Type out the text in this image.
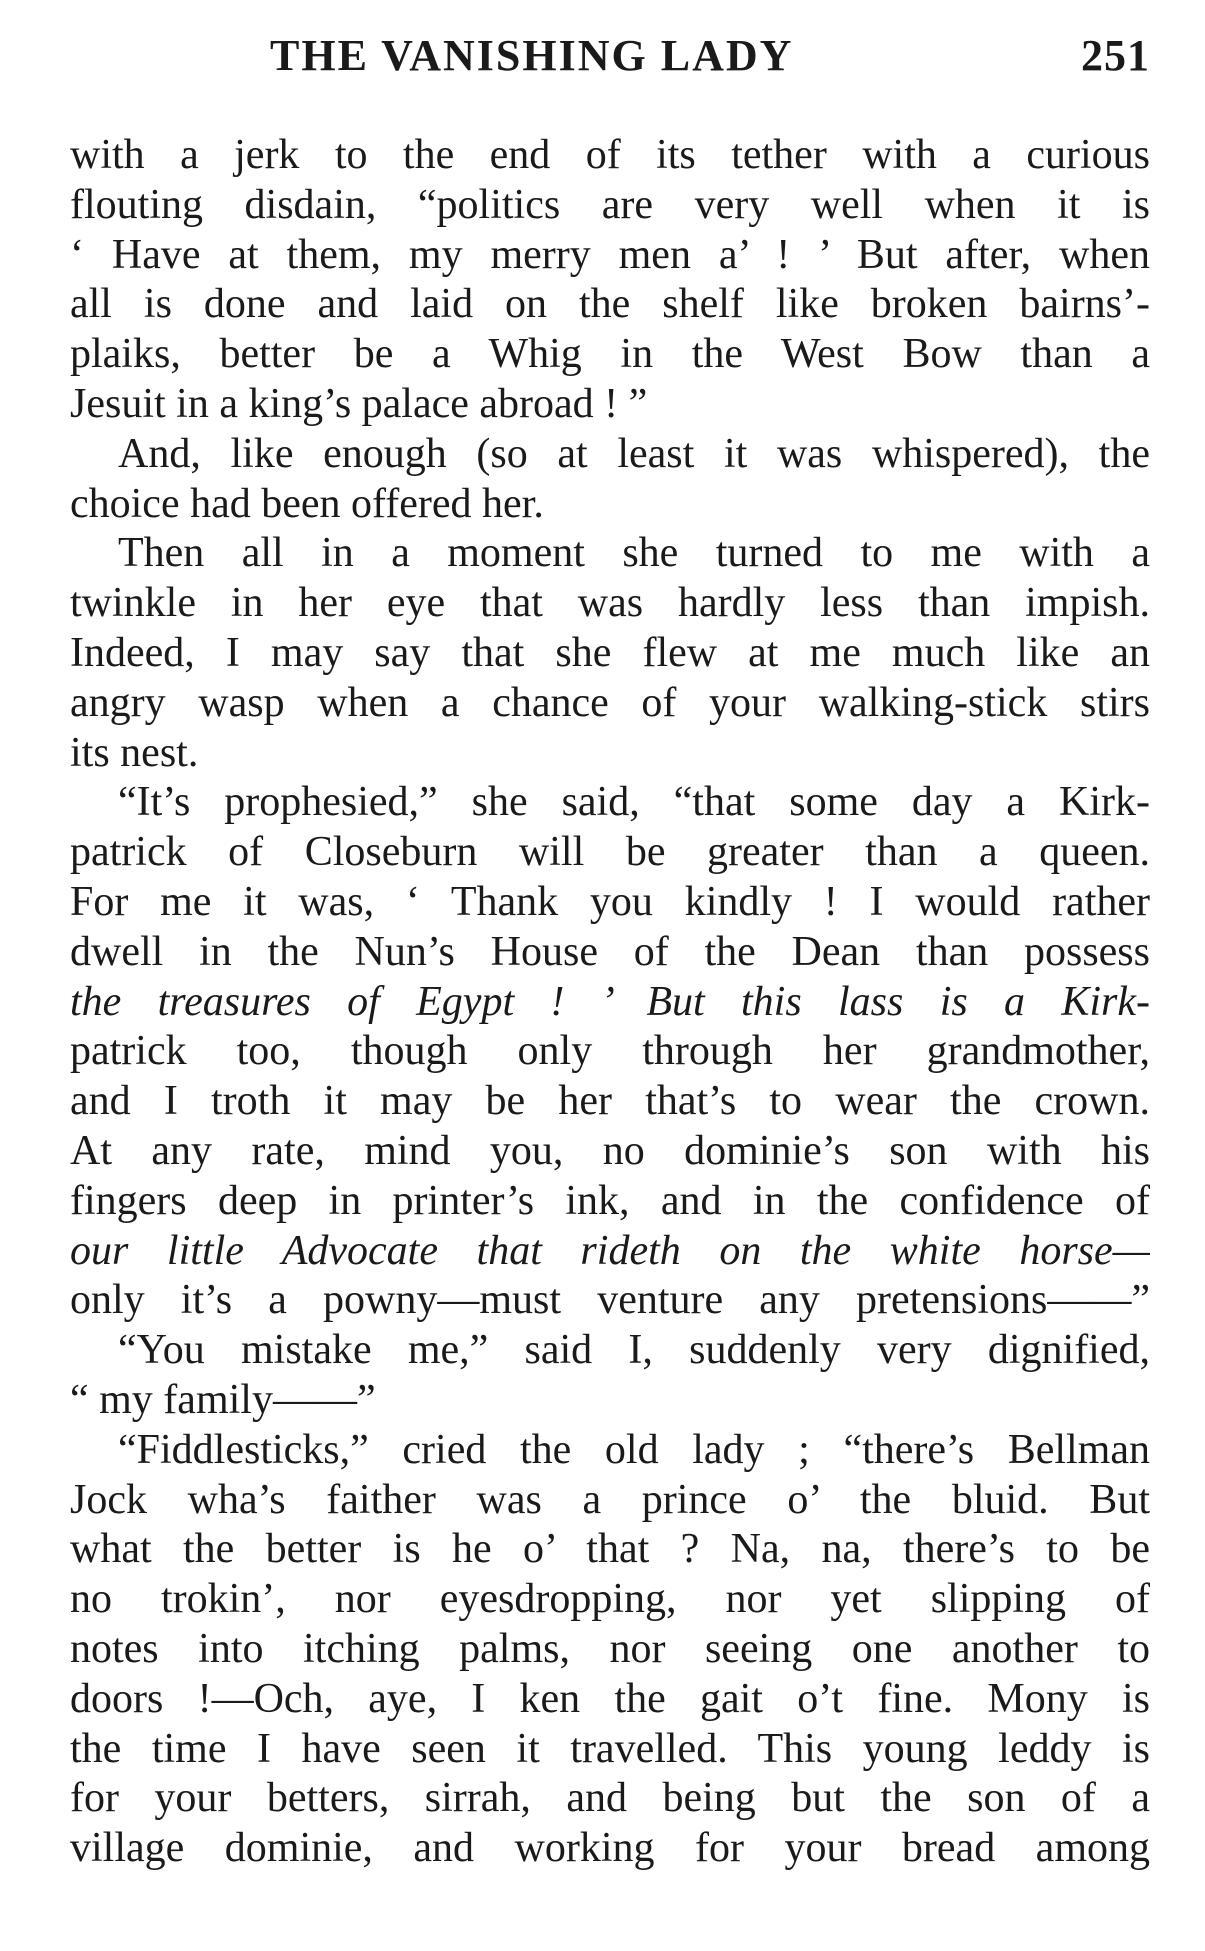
THE VANISHING LADY	251
with a jerk to the end of its tether with a curious
flouting disdain, “politics are very well when it is
‘ Have at them, my merry men a’ ! ’ But after, when
all is done and laid on the shelf like broken bairns’-
plaiks, better be a Whig in the West Bow than a
Jesuit in a king’s palace abroad ! ”
And, like enough (so at least it was whispered), the
choice had been offered her.
Then all in a moment she turned to me with a
twinkle in her eye that was hardly less than impish.
Indeed, I may say that she flew at me much like an
angry wasp when a chance of your walking-stick stirs
its nest.
“It’s prophesied,” she said, “that some day a Kirk-
patrick of Closeburn will be greater than a queen.
For me it was, ‘ Thank you kindly ! I would rather
dwell in the Nun’s House of the Dean than possess
the treasures of Egypt ! ’ But this lass is a Kirk-
patrick too, though only through her grandmother,
and I troth it may be her that’s to wear the crown.
At any rate, mind you, no dominie’s son with his
fingers deep in printer’s ink, and in the confidence of
our little Advocate that rideth on the white horse—
only it’s a powny—must venture any pretensions——”
“You mistake me,” said I, suddenly very dignified,
“ my family——”
“Fiddlesticks,” cried the old lady ; “there’s Bellman
Jock wha’s faither was a prince o’ the bluid. But
what the better is he o’ that ? Na, na, there’s to be
no trokin’, nor eyesdropping, nor yet slipping of
notes into itching palms, nor seeing one another to
doors !—Och, aye, I ken the gait o’t fine. Mony is
the time I have seen it travelled. This young leddy is
for your betters, sirrah, and being but the son of a
village dominie, and working for your bread among
